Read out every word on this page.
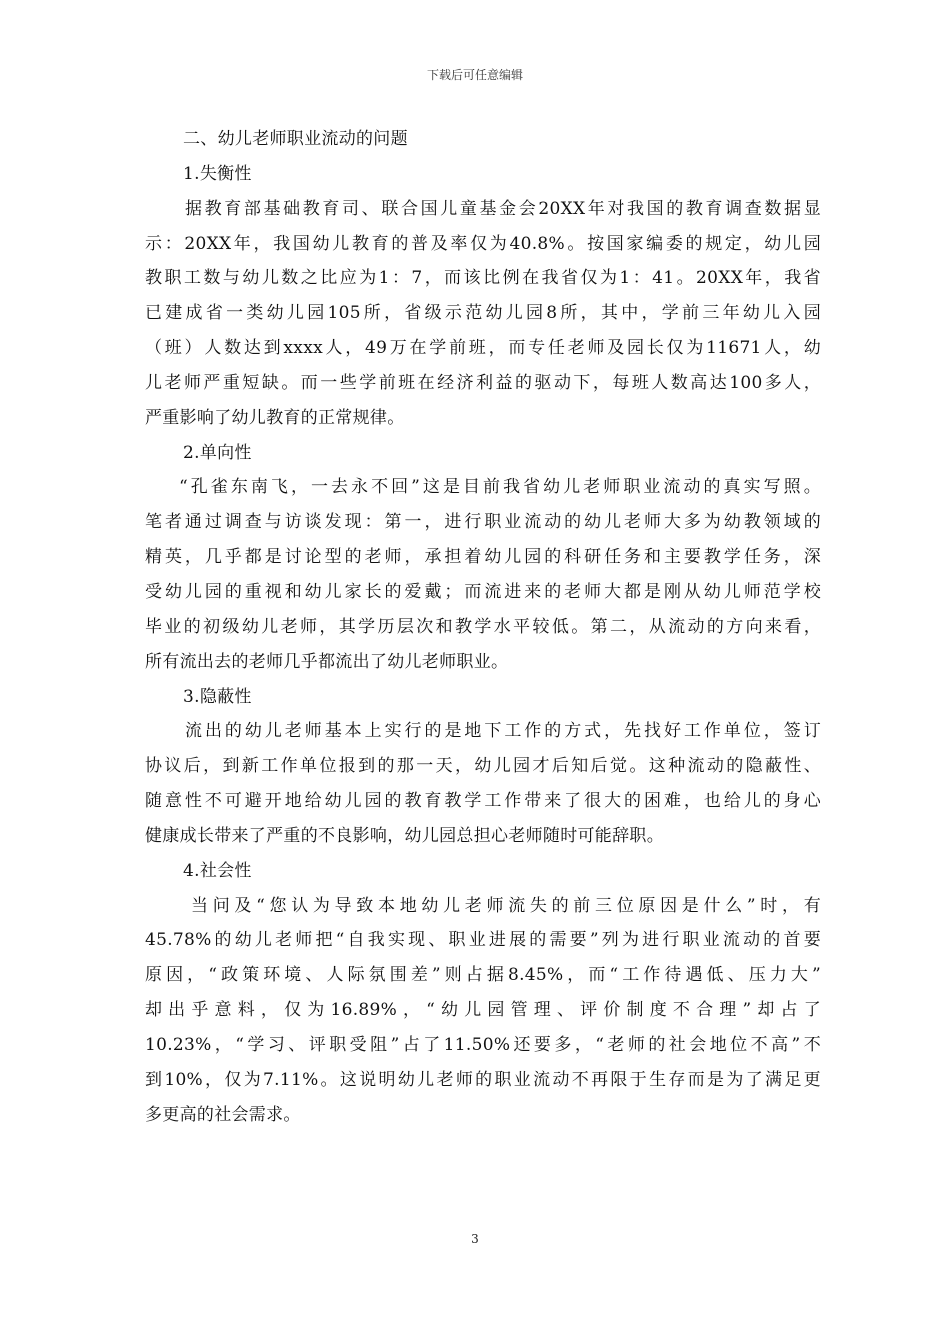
下载后可任意编辑
二、幼儿老师职业流动的问题
1.失衡性
据教育部基础教育司、联合国儿童基金会20XX年对我国的教育调查数据显
示：20XX年，我国幼儿教育的普及率仅为40.8%。按国家编委的规定，幼儿园
教职工数与幼儿数之比应为1：7，而该比例在我省仅为1：41。20XX年，我省
已建成省一类幼儿园105所，省级示范幼儿园8所，其中，学前三年幼儿入园
（班）人数达到xxxx人，49万在学前班，而专任老师及园长仅为11671人，幼
儿老师严重短缺。而一些学前班在经济利益的驱动下，每班人数高达100多人，
严重影响了幼儿教育的正常规律。
2.单向性
“孔雀东南飞，一去永不回”这是目前我省幼儿老师职业流动的真实写照。
笔者通过调查与访谈发现：第一，进行职业流动的幼儿老师大多为幼教领域的
精英，几乎都是讨论型的老师，承担着幼儿园的科研任务和主要教学任务，深
受幼儿园的重视和幼儿家长的爱戴；而流进来的老师大都是刚从幼儿师范学校
毕业的初级幼儿老师，其学历层次和教学水平较低。第二，从流动的方向来看，
所有流出去的老师几乎都流出了幼儿老师职业。
3.隐蔽性
流出的幼儿老师基本上实行的是地下工作的方式，先找好工作单位，签订
协议后，到新工作单位报到的那一天，幼儿园才后知后觉。这种流动的隐蔽性、
随意性不可避开地给幼儿园的教育教学工作带来了很大的困难，也给儿的身心
健康成长带来了严重的不良影响，幼儿园总担心老师随时可能辞职。
4.社会性
当问及“您认为导致本地幼儿老师流失的前三位原因是什么”时，有
45.78%的幼儿老师把“自我实现、职业进展的需要”列为进行职业流动的首要
原因，“政策环境、人际氛围差”则占据8.45%，而“工作待遇低、压力大”
却出乎意料，仅为16.89%，“幼儿园管理、评价制度不合理”却占了
10.23%，“学习、评职受阻”占了11.50%还要多，“老师的社会地位不高”不
到10%，仅为7.11%。这说明幼儿老师的职业流动不再限于生存而是为了满足更
多更高的社会需求。
3
